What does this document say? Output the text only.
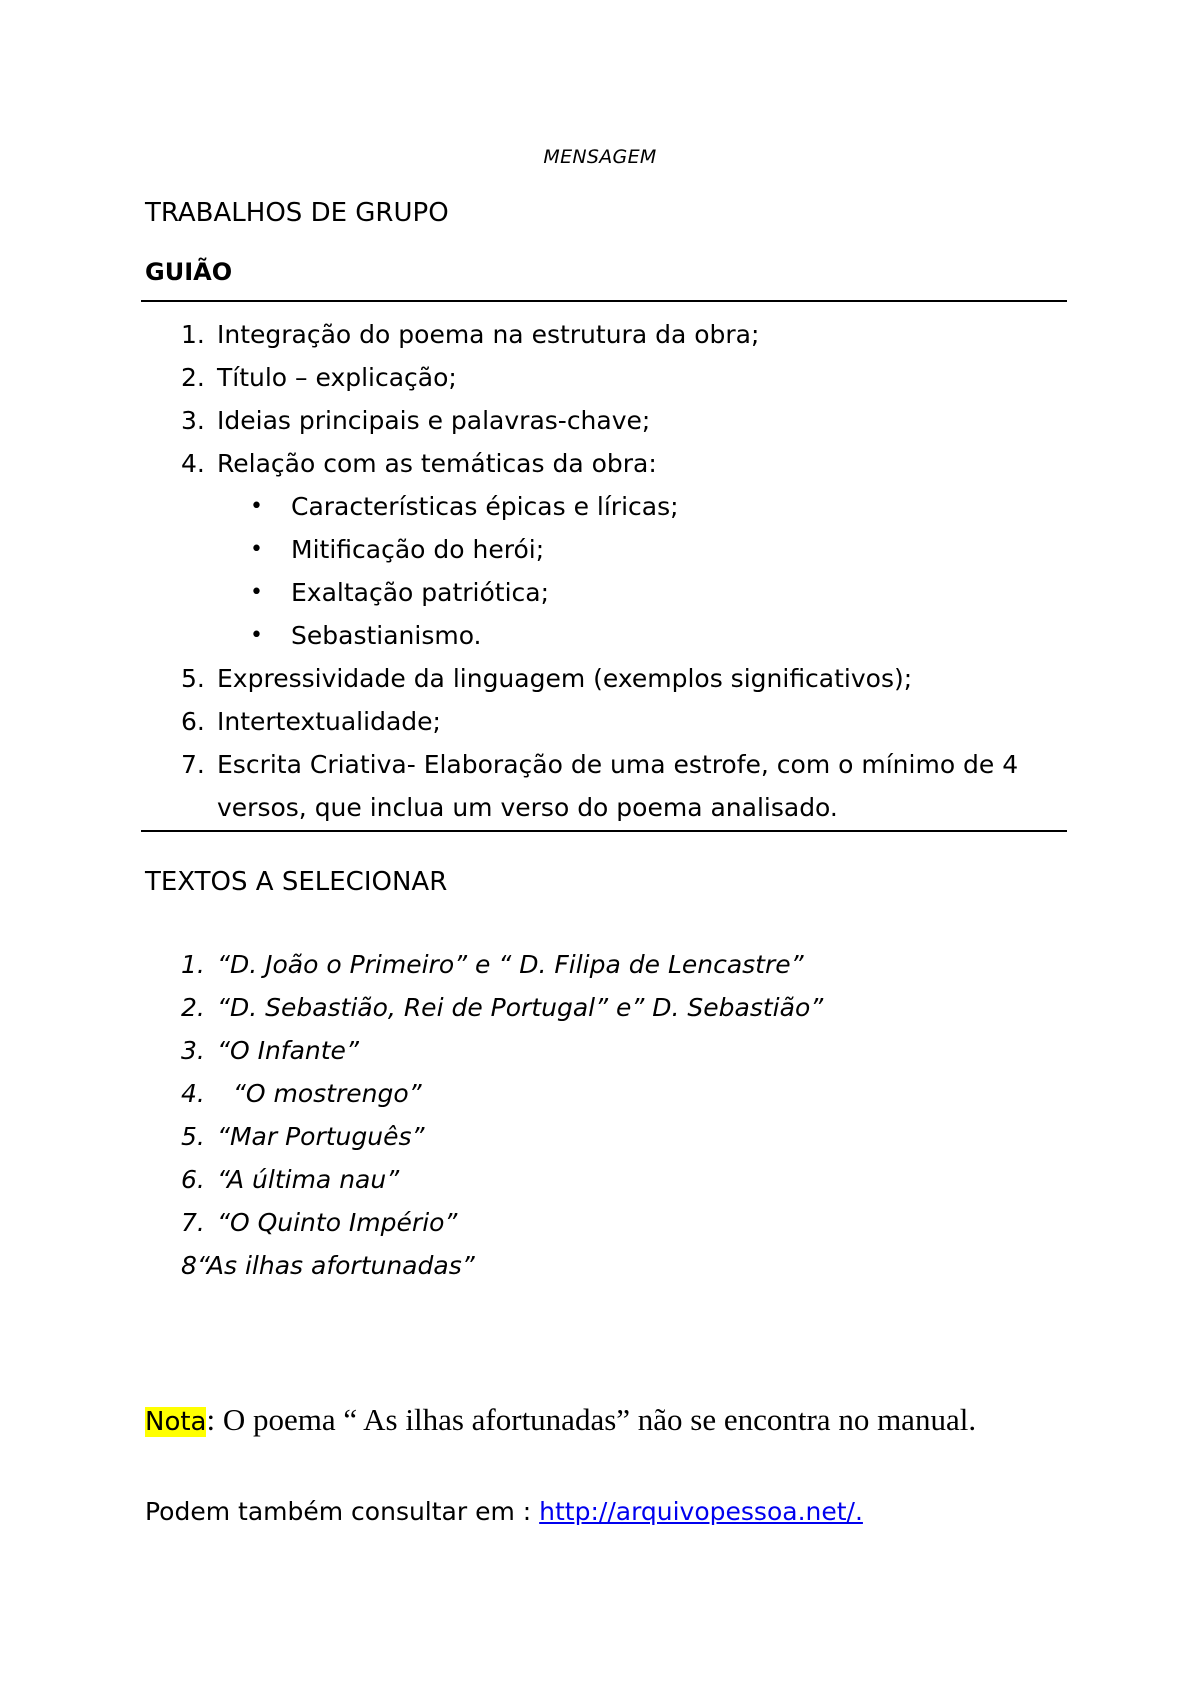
MENSAGEM
TRABALHOS DE GRUPO
GUIÃO
1. Integração do poema na estrutura da obra;
2. Título – explicação;
3. Ideias principais e palavras-chave;
4. Relação com as temáticas da obra:
• Características épicas e líricas;
• Mitificação do herói;
• Exaltação patriótica;
• Sebastianismo.
5. Expressividade da linguagem (exemplos significativos);
6. Intertextualidade;
7. Escrita Criativa- Elaboração de uma estrofe, com o mínimo de 4 versos, que inclua um verso do poema analisado.
TEXTOS A SELECIONAR
1. “D. João o Primeiro” e “ D. Filipa de Lencastre”
2. “D. Sebastião, Rei de Portugal” e” D. Sebastião”
3. “O Infante”
4. “O mostrengo”
5. “Mar Português”
6. “A última nau”
7. “O Quinto Império”
8“As ilhas afortunadas”
Nota: O poema “ As ilhas afortunadas” não se encontra no manual.
Podem também consultar em : http://arquivopessoa.net/.
